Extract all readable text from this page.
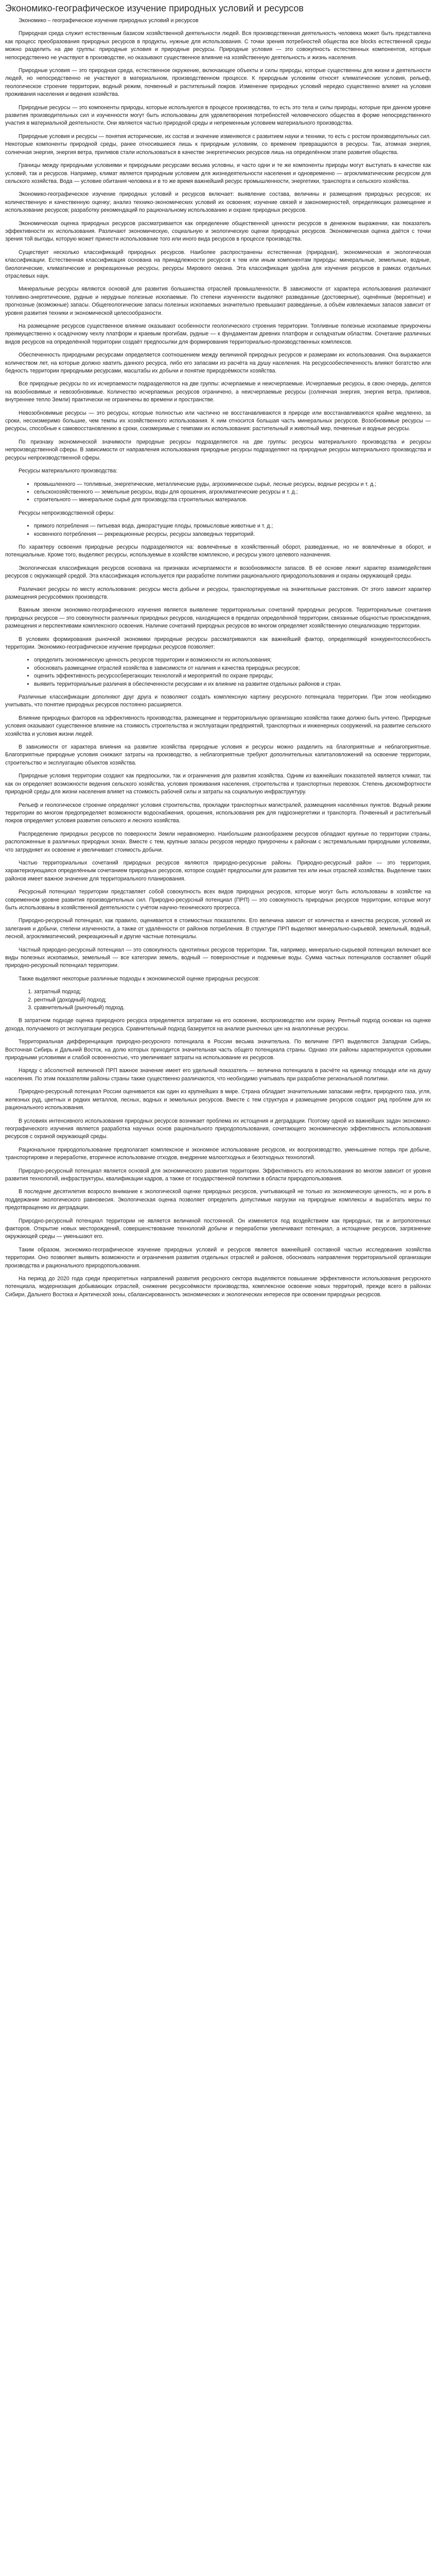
Экономико-географическое изучение природных условий и ресурсов

Экономико – географическое изучение природных условий и ресурсов

Природная среда служит естественным базисом хозяйственной деятельности людей. Вся производственная деятельность человека может быть представлена как процесс преобразования природных ресурсов в продукты, нужные для использования. С точки зрения потребностей общества все blocks естественной среды можно разделить на две группы: природные условия и природные ресурсы. Природные условия — это совокупность естественных компонентов, которые непосредственно не участвуют в производстве, но оказывают существенное влияние на хозяйственную деятельность и жизнь населения.

Природные условия — это природная среда, естественное окружение, включающее объекты и силы природы, которые существенны для жизни и деятельности людей, но непосредственно не участвуют в материальном, производственном процессе. К природным условиям относят климатические условия, рельеф, геологическое строение территории, водный режим, почвенный и растительный покров. Изменение природных условий нередко существенно влияет на условия проживания населения и ведения хозяйства.

Природные ресурсы — это компоненты природы, которые используются в процессе производства, то есть это тела и силы природы, которые при данном уровне развития производительных сил и изученности могут быть использованы для удовлетворения потребностей человеческого общества в форме непосредственного участия в материальной деятельности. Они являются частью природной среды и непременным условием материального производства.

Природные условия и ресурсы — понятия исторические, их состав и значение изменяются с развитием науки и техники, то есть с ростом производительных сил. Некоторые компоненты природной среды, ранее относившиеся лишь к природным условиям, со временем превращаются в ресурсы. Так, атомная энергия, солнечная энергия, энергия ветра, приливов стали использоваться в качестве энергетических ресурсов лишь на определённом этапе развития общества.

Границы между природными условиями и природными ресурсами весьма условны, и часто одни и те же компоненты природы могут выступать в качестве как условий, так и ресурсов. Например, климат является природным условием для жизнедеятельности населения и одновременно — агроклиматическим ресурсом для сельского хозяйства. Вода — условие обитания человека и в то же время важнейший ресурс промышленности, энергетики, транспорта и сельского хозяйства.

Экономико-географическое изучение природных условий и ресурсов включает: выявление состава, величины и размещения природных ресурсов; их количественную и качественную оценку; анализ технико-экономических условий их освоения; изучение связей и закономерностей, определяющих размещение и использование ресурсов; разработку рекомендаций по рациональному использованию и охране природных ресурсов.

Экономическая оценка природных ресурсов рассматривается как определение общественной ценности ресурсов в денежном выражении, как показатель эффективности их использования. Различают экономическую, социальную и экологическую оценки природных ресурсов. Экономическая оценка даётся с точки зрения той выгоды, которую может принести использование того или иного вида ресурсов в процессе производства.

Существует несколько классификаций природных ресурсов. Наиболее распространены естественная (природная), экономическая и экологическая классификации. Естественная классификация основана на принадлежности ресурсов к тем или иным компонентам природы: минеральные, земельные, водные, биологические, климатические и рекреационные ресурсы, ресурсы Мирового океана. Эта классификация удобна для изучения ресурсов в рамках отдельных отраслевых наук.

Минеральные ресурсы являются основой для развития большинства отраслей промышленности. В зависимости от характера использования различают топливно-энергетические, рудные и нерудные полезные ископаемые. По степени изученности выделяют разведанные (достоверные), оценённые (вероятные) и прогнозные (возможные) запасы. Общегеологические запасы полезных ископаемых значительно превышают разведанные, а объём извлекаемых запасов зависит от уровня развития техники и экономической целесообразности.

На размещение ресурсов существенное влияние оказывают особенности геологического строения территории. Топливные полезные ископаемые приурочены преимущественно к осадочному чехлу платформ и краевым прогибам, рудные — к фундаментам древних платформ и складчатым областям. Сочетание различных видов ресурсов на определённой территории создаёт предпосылки для формирования территориально-производственных комплексов.

Обеспеченность природными ресурсами определяется соотношением между величиной природных ресурсов и размерами их использования. Она выражается количеством лет, на которые должно хватить данного ресурса, либо его запасами из расчёта на душу населения. На ресурсообеспеченность влияют богатство или бедность территории природными ресурсами, масштабы их добычи и понятие природоёмкости хозяйства.

Все природные ресурсы по их исчерпаемости подразделяются на две группы: исчерпаемые и неисчерпаемые. Исчерпаемые ресурсы, в свою очередь, делятся на возобновимые и невозобновимые. Количество исчерпаемых ресурсов ограничено, а неисчерпаемые ресурсы (солнечная энергия, энергия ветра, приливов, внутреннее тепло Земли) практически не ограничены во времени и пространстве.

Невозобновимые ресурсы — это ресурсы, которые полностью или частично не восстанавливаются в природе или восстанавливаются крайне медленно, за сроки, несоизмеримо большие, чем темпы их хозяйственного использования. К ним относится большая часть минеральных ресурсов. Возобновимые ресурсы — ресурсы, способные к самовосстановлению в сроки, соизмеримые с темпами их использования: растительный и животный мир, почвенные и водные ресурсы.

По признаку экономической значимости природные ресурсы подразделяются на две группы: ресурсы материального производства и ресурсы непроизводственной сферы. В зависимости от направления использования природные ресурсы подразделяют на природные ресурсы материального производства и ресурсы непроизводственной сферы.

Ресурсы материального производства:

• промышленного — топливные, энергетические, металлические руды, агрохимическое сырьё, лесные ресурсы, водные ресурсы и т. д.;
• сельскохозяйственного — земельные ресурсы, воды для орошения, агроклиматические ресурсы и т. д.;
• строительного — минеральное сырьё для производства строительных материалов.

Ресурсы непроизводственной сферы:

• прямого потребления — питьевая вода, дикорастущие плоды, промысловые животные и т. д.;
• косвенного потребления — рекреационные ресурсы, ресурсы заповедных территорий.

По характеру освоения природные ресурсы подразделяются на: вовлечённые в хозяйственный оборот, разведанные, но не вовлечённые в оборот, и потенциальные. Кроме того, выделяют ресурсы, используемые в хозяйстве комплексно, и ресурсы узкого целевого назначения.

Экологическая классификация ресурсов основана на признаках исчерпаемости и возобновимости запасов. В её основе лежит характер взаимодействия ресурсов с окружающей средой. Эта классификация используется при разработке политики рационального природопользования и охраны окружающей среды.

Различают ресурсы по месту использования: ресурсы места добычи и ресурсы, транспортируемые на значительные расстояния. От этого зависит характер размещения ресурсоёмких производств.

Важным звеном экономико-географического изучения является выявление территориальных сочетаний природных ресурсов. Территориальные сочетания природных ресурсов — это совокупности различных природных ресурсов, находящиеся в пределах определённой территории, связанные общностью происхождения, размещения и перспективами комплексного освоения. Наличие сочетаний природных ресурсов во многом определяет хозяйственную специализацию территории.

В условиях формирования рыночной экономики природные ресурсы рассматриваются как важнейший фактор, определяющий конкурентоспособность территории. Экономико-географическое изучение природных ресурсов позволяет:

• определить экономическую ценность ресурсов территории и возможности их использования;
• обосновать размещение отраслей хозяйства в зависимости от наличия и качества природных ресурсов;
• оценить эффективность ресурсосберегающих технологий и мероприятий по охране природы;
• выявить территориальные различия в обеспеченности ресурсами и их влияние на развитие отдельных районов и стран.

Различные классификации дополняют друг друга и позволяют создать комплексную картину ресурсного потенциала территории. При этом необходимо учитывать, что понятие природных ресурсов постоянно расширяется.

Влияние природных факторов на эффективность производства, размещение и территориальную организацию хозяйства также должно быть учтено. Природные условия оказывают существенное влияние на стоимость строительства и эксплуатации предприятий, транспортных и инженерных сооружений, на развитие сельского хозяйства и условия жизни людей.

В зависимости от характера влияния на развитие хозяйства природные условия и ресурсы можно разделить на благоприятные и неблагоприятные. Благоприятные природные условия снижают затраты на производство, а неблагоприятные требуют дополнительных капиталовложений на освоение территории, строительство и эксплуатацию объектов хозяйства.

Природные условия территории создают как предпосылки, так и ограничения для развития хозяйства. Одним из важнейших показателей является климат, так как он определяет возможности ведения сельского хозяйства, условия проживания населения, строительства и транспортных перевозок. Степень дискомфортности природной среды для жизни населения влияет на стоимость рабочей силы и затраты на социальную инфраструктуру.

Рельеф и геологическое строение определяют условия строительства, прокладки транспортных магистралей, размещения населённых пунктов. Водный режим территории во многом предопределяет возможности водоснабжения, орошения, использования рек для гидроэнергетики и транспорта. Почвенный и растительный покров определяет условия развития сельского и лесного хозяйства.

Распределение природных ресурсов по поверхности Земли неравномерно. Наибольшим разнообразием ресурсов обладают крупные по территории страны, расположенные в различных природных зонах. Вместе с тем, крупные запасы ресурсов нередко приурочены к районам с экстремальными природными условиями, что затрудняет их освоение и увеличивает стоимость добычи.

Частью территориальных сочетаний природных ресурсов являются природно-ресурсные районы. Природно-ресурсный район — это территория, характеризующаяся определённым сочетанием природных ресурсов, которое создаёт предпосылки для развития тех или иных отраслей хозяйства. Выделение таких районов имеет важное значение для территориального планирования.

Ресурсный потенциал территории представляет собой совокупность всех видов природных ресурсов, которые могут быть использованы в хозяйстве на современном уровне развития производительных сил. Природно-ресурсный потенциал (ПРП) — это совокупность природных ресурсов территории, которые могут быть использованы в хозяйственной деятельности с учётом научно-технического прогресса.

Природно-ресурсный потенциал, как правило, оценивается в стоимостных показателях. Его величина зависит от количества и качества ресурсов, условий их залегания и добычи, степени изученности, а также от удалённости от районов потребления. В структуре ПРП выделяют минерально-сырьевой, земельный, водный, лесной, агроклиматический, рекреационный и другие частные потенциалы.

Частный природно-ресурсный потенциал — это совокупность однотипных ресурсов территории. Так, например, минерально-сырьевой потенциал включает все виды полезных ископаемых, земельный — все категории земель, водный — поверхностные и подземные воды. Сумма частных потенциалов составляет общий природно-ресурсный потенциал территории.

Также выделяют некоторые различные подходы к экономической оценке природных ресурсов:

1. затратный подход;
2. рентный (доходный) подход;
3. сравнительный (рыночный) подход.

В затратном подходе оценка природного ресурса определяется затратами на его освоение, воспроизводство или охрану. Рентный подход основан на оценке дохода, получаемого от эксплуатации ресурса. Сравнительный подход базируется на анализе рыночных цен на аналогичные ресурсы.

Территориальная дифференциация природно-ресурсного потенциала в России весьма значительна. По величине ПРП выделяются Западная Сибирь, Восточная Сибирь и Дальний Восток, на долю которых приходится значительная часть общего потенциала страны. Однако эти районы характеризуются суровыми природными условиями и слабой освоенностью, что увеличивает затраты на использование их ресурсов.

Наряду с абсолютной величиной ПРП важное значение имеет его удельный показатель — величина потенциала в расчёте на единицу площади или на душу населения. По этим показателям районы страны также существенно различаются, что необходимо учитывать при разработке региональной политики.

Природно-ресурсный потенциал России оценивается как один из крупнейших в мире. Страна обладает значительными запасами нефти, природного газа, угля, железных руд, цветных и редких металлов, лесных, водных и земельных ресурсов. Вместе с тем структура и размещение ресурсов создают ряд проблем для их рационального использования.

В условиях интенсивного использования природных ресурсов возникает проблема их истощения и деградации. Поэтому одной из важнейших задач экономико-географического изучения является разработка научных основ рационального природопользования, сочетающего экономическую эффективность использования ресурсов с охраной окружающей среды.

Рациональное природопользование предполагает комплексное и экономное использование ресурсов, их воспроизводство, уменьшение потерь при добыче, транспортировке и переработке, вторичное использование отходов, внедрение малоотходных и безотходных технологий.

Природно-ресурсный потенциал является основой для экономического развития территории. Эффективность его использования во многом зависит от уровня развития технологий, инфраструктуры, квалификации кадров, а также от государственной политики в области природопользования.

В последние десятилетия возросло внимание к экологической оценке природных ресурсов, учитывающей не только их экономическую ценность, но и роль в поддержании экологического равновесия. Экологическая оценка позволяет определить допустимые нагрузки на природные комплексы и выработать меры по предотвращению их деградации.

Природно-ресурсный потенциал территории не является величиной постоянной. Он изменяется под воздействием как природных, так и антропогенных факторов. Открытие новых месторождений, совершенствование технологий добычи и переработки увеличивают потенциал, а истощение ресурсов, загрязнение окружающей среды — уменьшают его.

Таким образом, экономико-географическое изучение природных условий и ресурсов является важнейшей составной частью исследования хозяйства территории. Оно позволяет выявить возможности и ограничения развития отдельных отраслей и районов, обосновать направления территориальной организации производства и рационального природопользования.

На период до 2020 года среди приоритетных направлений развития ресурсного сектора выделяются повышение эффективности использования ресурсного потенциала, модернизация добывающих отраслей, снижение ресурсоёмкости производства, комплексное освоение новых территорий, прежде всего в районах Сибири, Дальнего Востока и Арктической зоны, сбалансированность экономических и экологических интересов при освоении природных ресурсов.
